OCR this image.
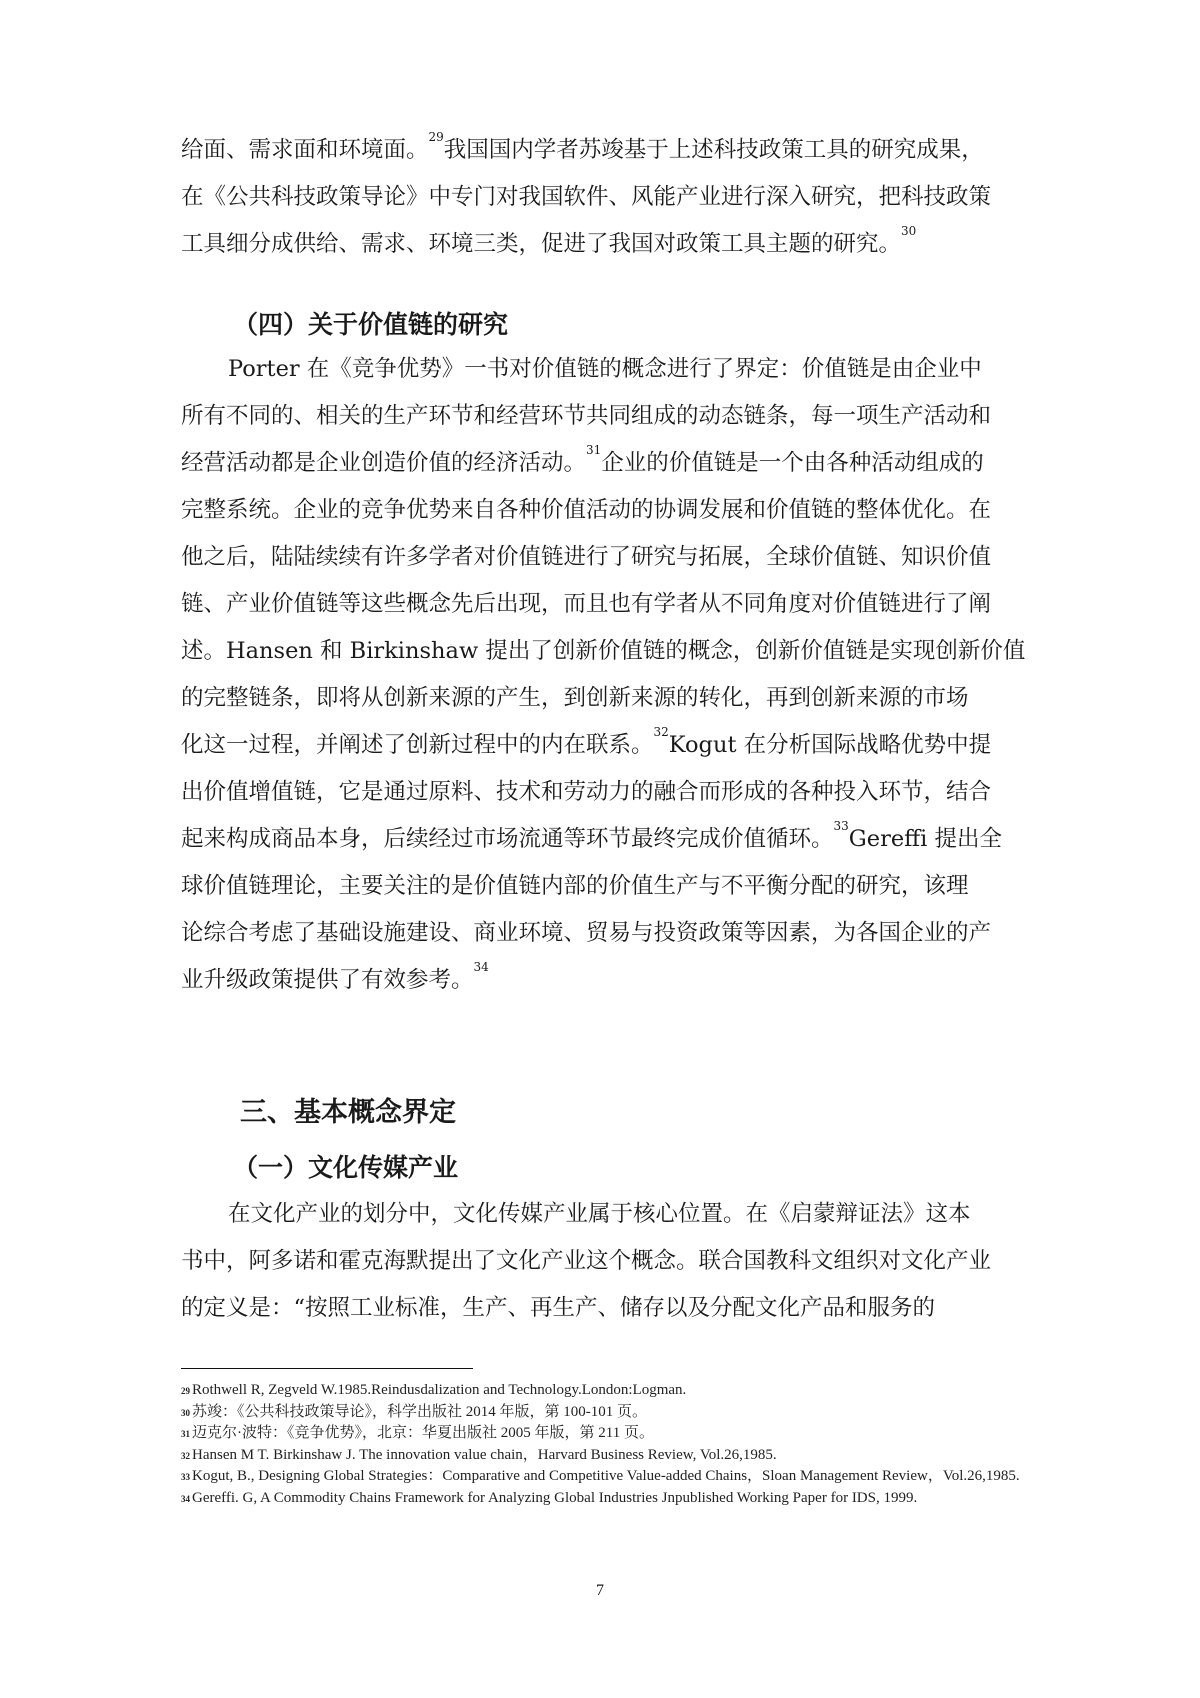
给面、需求面和环境面。$^{29}$我国国内学者苏竣基于上述科技政策工具的研究成果，
在《公共科技政策导论》中专门对我国软件、风能产业进行深入研究，把科技政策
工具细分成供给、需求、环境三类，促进了我国对政策工具主题的研究。$^{30}$
（四）关于价值链的研究
Porter 在《竞争优势》一书对价值链的概念进行了界定：价值链是由企业中
所有不同的、相关的生产环节和经营环节共同组成的动态链条，每一项生产活动和
经营活动都是企业创造价值的经济活动。$^{31}$企业的价值链是一个由各种活动组成的
完整系统。企业的竞争优势来自各种价值活动的协调发展和价值链的整体优化。在
他之后，陆陆续续有许多学者对价值链进行了研究与拓展，全球价值链、知识价值
链、产业价值链等这些概念先后出现，而且也有学者从不同角度对价值链进行了阐
述。Hansen 和 Birkinshaw 提出了创新价值链的概念，创新价值链是实现创新价值
的完整链条，即将从创新来源的产生，到创新来源的转化，再到创新来源的市场
化这一过程，并阐述了创新过程中的内在联系。$^{32}$Kogut 在分析国际战略优势中提
出价值增值链，它是通过原料、技术和劳动力的融合而形成的各种投入环节，结合
起来构成商品本身，后续经过市场流通等环节最终完成价值循环。$^{33}$Gereffi 提出全
球价值链理论，主要关注的是价值链内部的价值生产与不平衡分配的研究，该理
论综合考虑了基础设施建设、商业环境、贸易与投资政策等因素，为各国企业的产
业升级政策提供了有效参考。$^{34}$
三、基本概念界定
（一）文化传媒产业
在文化产业的划分中，文化传媒产业属于核心位置。在《启蒙辩证法》这本
书中，阿多诺和霍克海默提出了文化产业这个概念。联合国教科文组织对文化产业
的定义是：“按照工业标准，生产、再生产、储存以及分配文化产品和服务的
$^{29}$ Rothwell R, Zegveld W.1985.Reindusdalization and Technology.London:Logman.
$^{30}$ 苏竣：《公共科技政策导论》，科学出版社 2014 年版，第 100-101 页。
$^{31}$ 迈克尔·波特：《竞争优势》，北京：华夏出版社 2005 年版，第 211 页。
$^{32}$ Hansen M T. Birkinshaw J. The innovation value chain，Harvard Business Review, Vol.26,1985.
$^{33}$ Kogut, B., Designing Global Strategies：Comparative and Competitive Value-added Chains，Sloan Management Review，Vol.26,1985.
$^{34}$ Gereffi. G, A Commodity Chains Framework for Analyzing Global Industries Jnpublished Working Paper for IDS, 1999.
7
